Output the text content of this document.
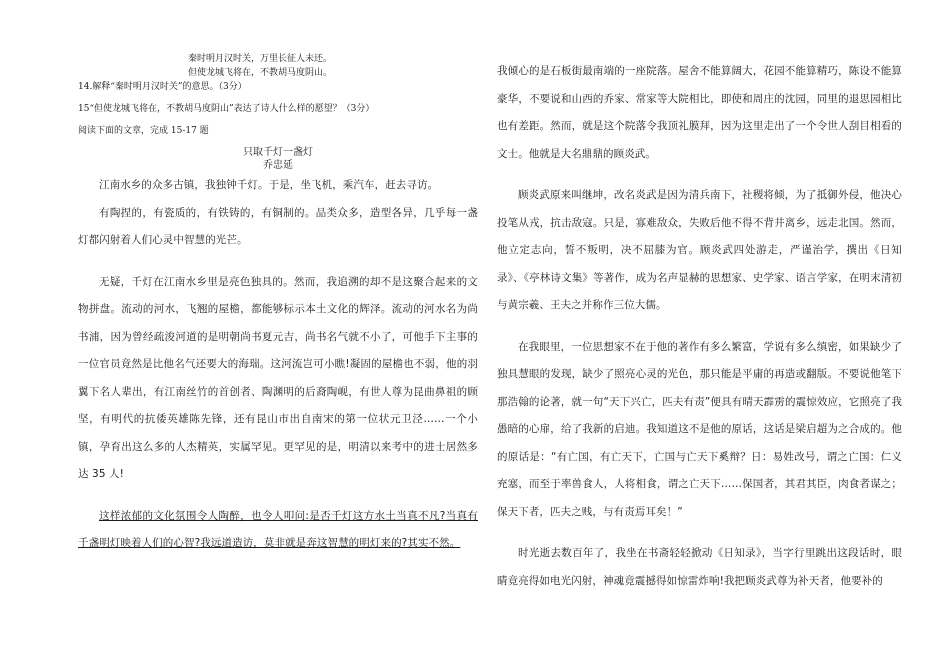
秦时明月汉时关，万里长征人未还。
但使龙城飞将在，不教胡马度阴山。
14.解释“秦时明月汉时关”的意思。（3分）
15“但使龙城飞将在，不教胡马度阴山”表达了诗人什么样的愿望？（3分）
阅读下面的文章，完成 15-17 题
只取千灯一盏灯
乔忠延

江南水乡的众多古镇，我独钟千灯。于是，坐飞机，乘汽车，赶去寻访。

有陶捏的，有瓷质的，有铁铸的，有铜制的。品类众多，造型各异，几乎每一盏灯都闪射着人们心灵中智慧的光芒。

无疑，千灯在江南水乡里是亮色独具的。然而，我追溯的却不是这聚合起来的文物拼盘。流动的河水，飞翘的屋檐，都能够标示本土文化的辉泽。流动的河水名为尚书浦，因为曾经疏浚河道的是明朝尚书夏元吉，尚书名气就不小了，可他手下主事的一位官员竟然是比他名气还要大的海瑞。这河流岂可小瞧!凝固的屋檐也不弱，他的羽翼下名人辈出，有江南丝竹的首创者、陶渊明的后裔陶岘，有世人尊为昆曲鼻祖的顾坚，有明代的抗倭英雄陈先锋，还有昆山市出自南宋的第一位状元卫泾……一个小镇，孕育出这么多的人杰精英，实属罕见。更罕见的是，明清以来考中的进士居然多达 35 人!

这样浓郁的文化氛围令人陶醉，也令人叩问:是否千灯这方水土当真不凡?当真有千盏明灯映着人们的心智?我远道造访，莫非就是奔这智慧的明灯来的?其实不然。

我倾心的是石板街最南端的一座院落。屋舍不能算阔大，花园不能算精巧，陈设不能算豪华，不要说和山西的乔家、常家等大院相比，即使和周庄的沈园，同里的退思园相比也有差距。然而，就是这个院落令我顶礼膜拜，因为这里走出了一个令世人刮目相看的文士。他就是大名鼎鼎的顾炎武。

顾炎武原来叫继坤，改名炎武是因为清兵南下，社稷将倾，为了抵御外侵，他决心投笔从戎，抗击敌寇。只是，寡难敌众，失败后他不得不背井离乡，远走北国。然而，他立定志向，誓不叛明，决不屈膝为官。顾炎武四处游走，严谨治学，撰出《日知录》、《亭林诗文集》等著作，成为名声显赫的思想家、史学家、语言学家，在明末清初与黄宗羲、王夫之并称作三位大儒。

在我眼里，一位思想家不在于他的著作有多么繁富，学说有多么缜密，如果缺少了独具慧眼的发现，缺少了照亮心灵的光色，那只能是平庸的再造或翻版。不要说他笔下那浩翰的论著，就一句“天下兴亡，匹夫有责”便具有晴天霹雳的震惊效应，它照亮了我愚暗的心扉，给了我新的启迪。我知道这不是他的原话，这话是梁启超为之合成的。他的原话是：“有亡国，有亡天下，亡国与亡天下奚辩？日：易姓改号，谓之亡国：仁义充塞，而至于率兽食人，人将相食，谓之亡天下……保国者，其君其臣，肉食者谋之；保天下者，匹夫之贱，与有责焉耳矣！”

时光逝去数百年了，我坐在书斋轻轻掀动《日知录》，当字行里跳出这段话时，眼睛竟亮得如电光闪射，神魂竟震撼得如惊雷炸响!我把顾炎武尊为补天者，他要补的
